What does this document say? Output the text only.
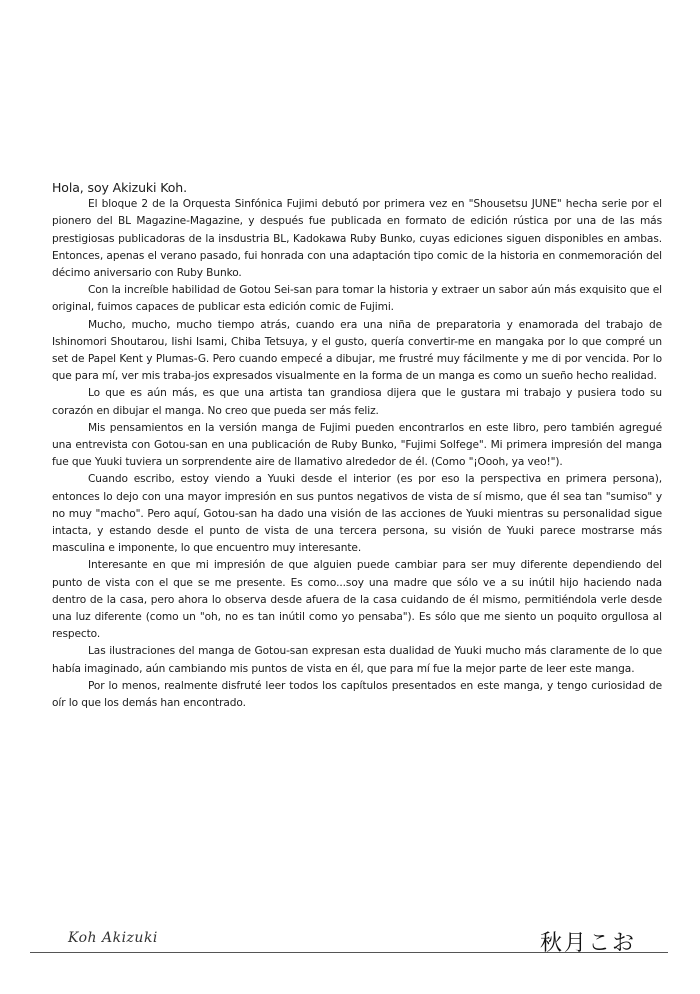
Hola, soy Akizuki Koh.

El bloque 2 de la Orquesta Sinfónica Fujimi debutó por primera vez en "Shousetsu JUNE" hecha serie por el pionero del BL Magazine-Magazine, y después fue publicada en formato de edición rústica por una de las más prestigiosas publicadoras de la insdustria BL, Kadokawa Ruby Bunko, cuyas ediciones siguen disponibles en ambas. Entonces, apenas el verano pasado, fui honrada con una adaptación tipo comic de la historia en conmemoración del décimo aniversario con Ruby Bunko.

Con la increíble habilidad de Gotou Sei-san para tomar la historia y extraer un sabor aún más exquisito que el original, fuimos capaces de publicar esta edición comic de Fujimi.

Mucho, mucho, mucho tiempo atrás, cuando era una niña de preparatoria y enamorada del trabajo de Ishinomori Shoutarou, Iishi Isami, Chiba Tetsuya, y el gusto, quería convertir-me en mangaka por lo que compré un set de Papel Kent y Plumas-G. Pero cuando empecé a dibujar, me frustré muy fácilmente y me di por vencida. Por lo que para mí, ver mis traba-jos expresados visualmente en la forma de un manga es como un sueño hecho realidad.

Lo que es aún más, es que una artista tan grandiosa dijera que le gustara mi trabajo y pusiera todo su corazón en dibujar el manga. No creo que pueda ser más feliz.

Mis pensamientos en la versión manga de Fujimi pueden encontrarlos en este libro, pero también agregué una entrevista con Gotou-san en una publicación de Ruby Bunko, "Fujimi Solfege". Mi primera impresión del manga fue que Yuuki tuviera un sorprendente aire de llamativo alrededor de él. (Como "¡Oooh, ya veo!").

Cuando escribo, estoy viendo a Yuuki desde el interior (es por eso la perspectiva en primera persona), entonces lo dejo con una mayor impresión en sus puntos negativos de vista de sí mismo, que él sea tan "sumiso" y no muy "macho". Pero aquí, Gotou-san ha dado una visión de las acciones de Yuuki mientras su personalidad sigue intacta, y estando desde el punto de vista de una tercera persona, su visión de Yuuki parece mostrarse más masculina e imponente, lo que encuentro muy interesante.

Interesante en que mi impresión de que alguien puede cambiar para ser muy diferente dependiendo del punto de vista con el que se me presente. Es como...soy una madre que sólo ve a su inútil hijo haciendo nada dentro de la casa, pero ahora lo observa desde afuera de la casa cuidando de él mismo, permitiéndola verle desde una luz diferente (como un "oh, no es tan inútil como yo pensaba"). Es sólo que me siento un poquito orgullosa al respecto.

Las ilustraciones del manga de Gotou-san expresan esta dualidad de Yuuki mucho más claramente de lo que había imaginado, aún cambiando mis puntos de vista en él, que para mí fue la mejor parte de leer este manga.

Por lo menos, realmente disfruté leer todos los capítulos presentados en este manga, y tengo curiosidad de oír lo que los demás han encontrado.

Koh Akizuki	秋月こお
